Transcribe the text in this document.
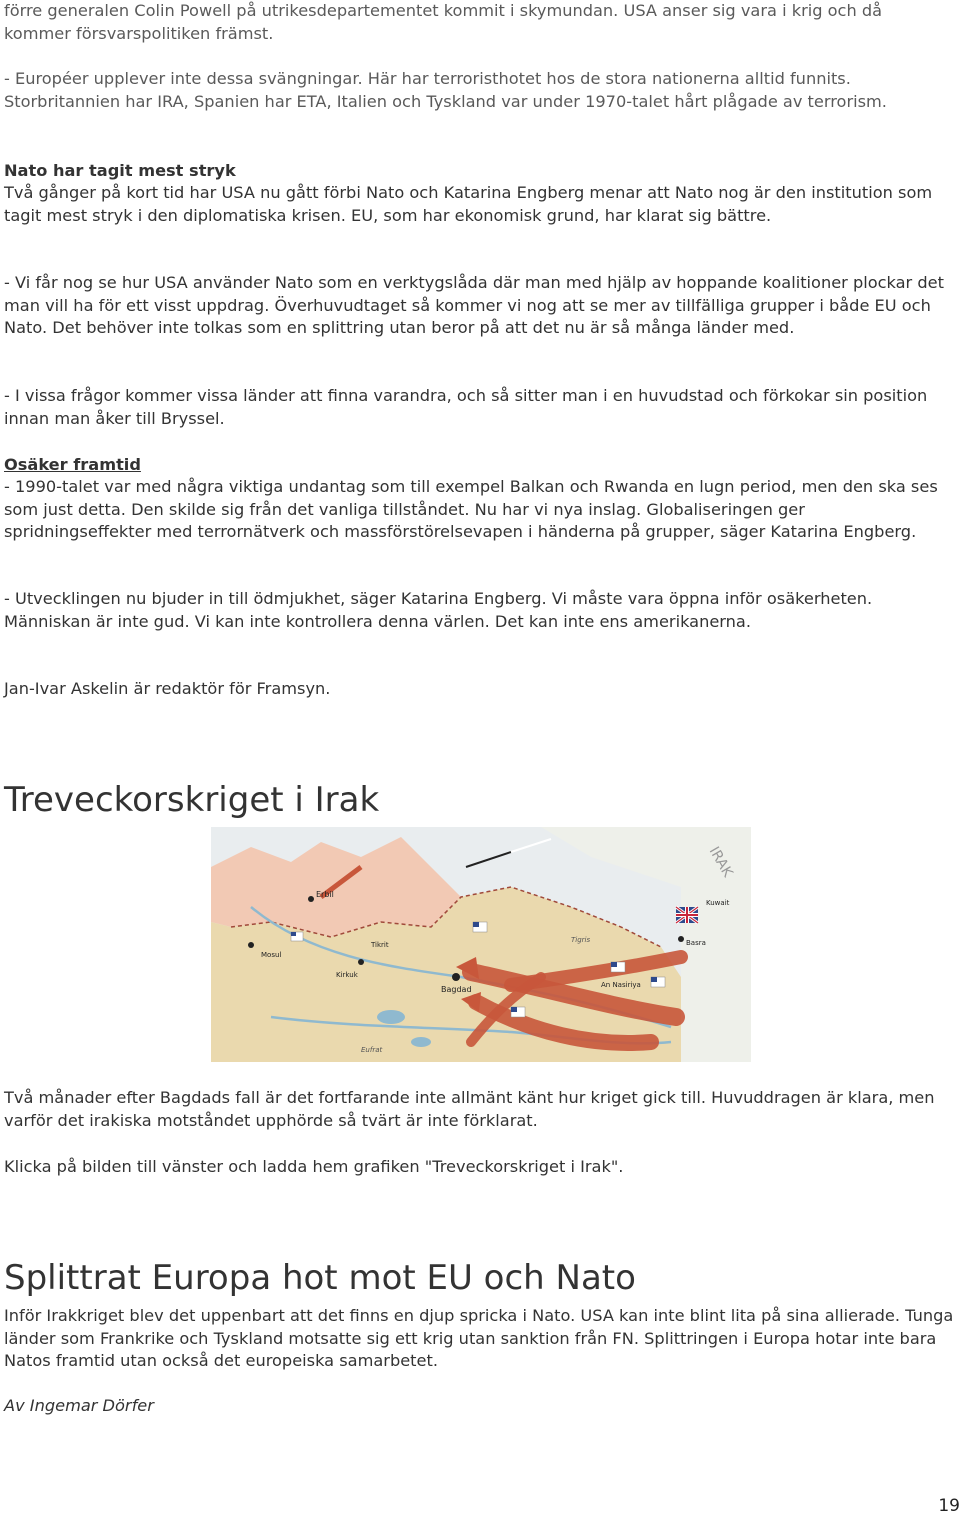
förre generalen Colin Powell på utrikesdepartementet kommit i skymundan. USA anser sig vara i krig och då kommer försvarspolitiken främst.

- Européer upplever inte dessa svängningar. Här har terroristhotet hos de stora nationerna alltid funnits. Storbritannien har IRA, Spanien har ETA, Italien och Tyskland var under 1970-talet hårt plågade av terrorism.

Nato har tagit mest stryk

Två gånger på kort tid har USA nu gått förbi Nato och Katarina Engberg menar att Nato nog är den institution som tagit mest stryk i den diplomatiska krisen. EU, som har ekonomisk grund, har klarat sig bättre.

- Vi får nog se hur USA använder Nato som en verktygslåda där man med hjälp av hoppande koalitioner plockar det man vill ha för ett visst uppdrag. Överhuvudtaget så kommer vi nog att se mer av tillfälliga grupper i både EU och Nato. Det behöver inte tolkas som en splittring utan beror på att det nu är så många länder med.

- I vissa frågor kommer vissa länder att finna varandra, och så sitter man i en huvudstad och förkokar sin position innan man åker till Bryssel.

Osäker framtid

- 1990-talet var med några viktiga undantag som till exempel Balkan och Rwanda en lugn period, men den ska ses som just detta. Den skilde sig från det vanliga tillståndet. Nu har vi nya inslag. Globaliseringen ger spridningseffekter med terrornätverk och massförstörelsevapen i händerna på grupper, säger Katarina Engberg.

- Utvecklingen nu bjuder in till ödmjukhet, säger Katarina Engberg. Vi måste vara öppna inför osäkerheten. Människan är inte gud. Vi kan inte kontrollera denna värlen. Det kan inte ens amerikanerna.

Jan-Ivar Askelin är redaktör för Framsyn.

Treveckorskriget i Irak
Erbil
Bagdad
Tigris
Eufrat
Basra
Mosul
Kirkuk
Tikrit
An Nasiriya
Kuwait
IRAK

Två månader efter Bagdads fall är det fortfarande inte allmänt känt hur kriget gick till. Huvuddragen är klara, men varför det irakiska motståndet upphörde så tvärt är inte förklarat.

Klicka på bilden till vänster och ladda hem grafiken "Treveckorskriget i Irak".

Splittrat Europa hot mot EU och Nato

Inför Irakkriget blev det uppenbart att det finns en djup spricka i Nato. USA kan inte blint lita på sina allierade. Tunga länder som Frankrike och Tyskland motsatte sig ett krig utan sanktion från FN. Splittringen i Europa hotar inte bara Natos framtid utan också det europeiska samarbetet.

Av Ingemar Dörfer

19
